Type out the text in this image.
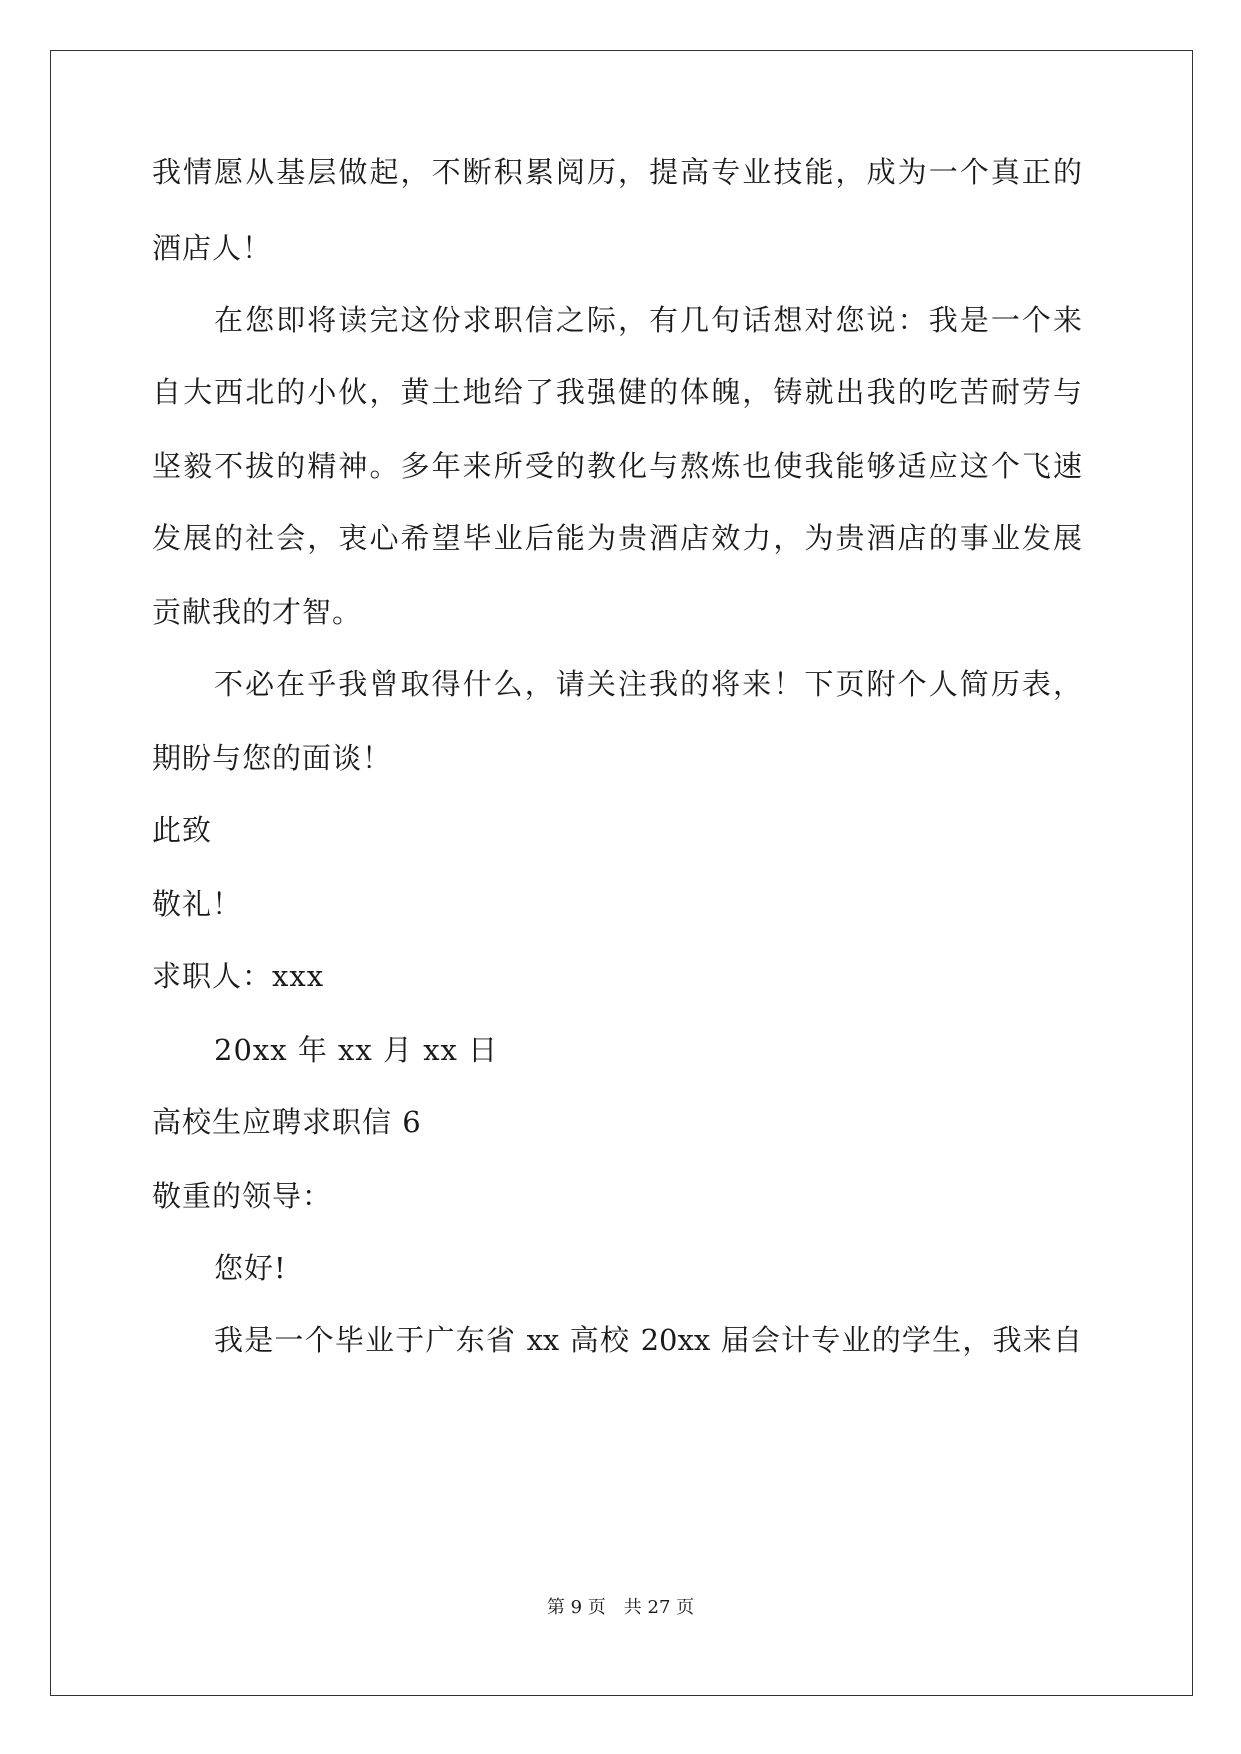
我情愿从基层做起，不断积累阅历，提高专业技能，成为一个真正的
酒店人！
在您即将读完这份求职信之际，有几句话想对您说：我是一个来
自大西北的小伙，黄土地给了我强健的体魄，铸就出我的吃苦耐劳与
坚毅不拔的精神。多年来所受的教化与熬炼也使我能够适应这个飞速
发展的社会，衷心希望毕业后能为贵酒店效力，为贵酒店的事业发展
贡献我的才智。
不必在乎我曾取得什么，请关注我的将来！下页附个人简历表，
期盼与您的面谈！
此致
敬礼！
求职人：xxx
20xx 年 xx 月 xx 日
高校生应聘求职信 6
敬重的领导：
您好!
我是一个毕业于广东省 xx 高校 20xx 届会计专业的学生，我来自
第 9 页 共 27 页
